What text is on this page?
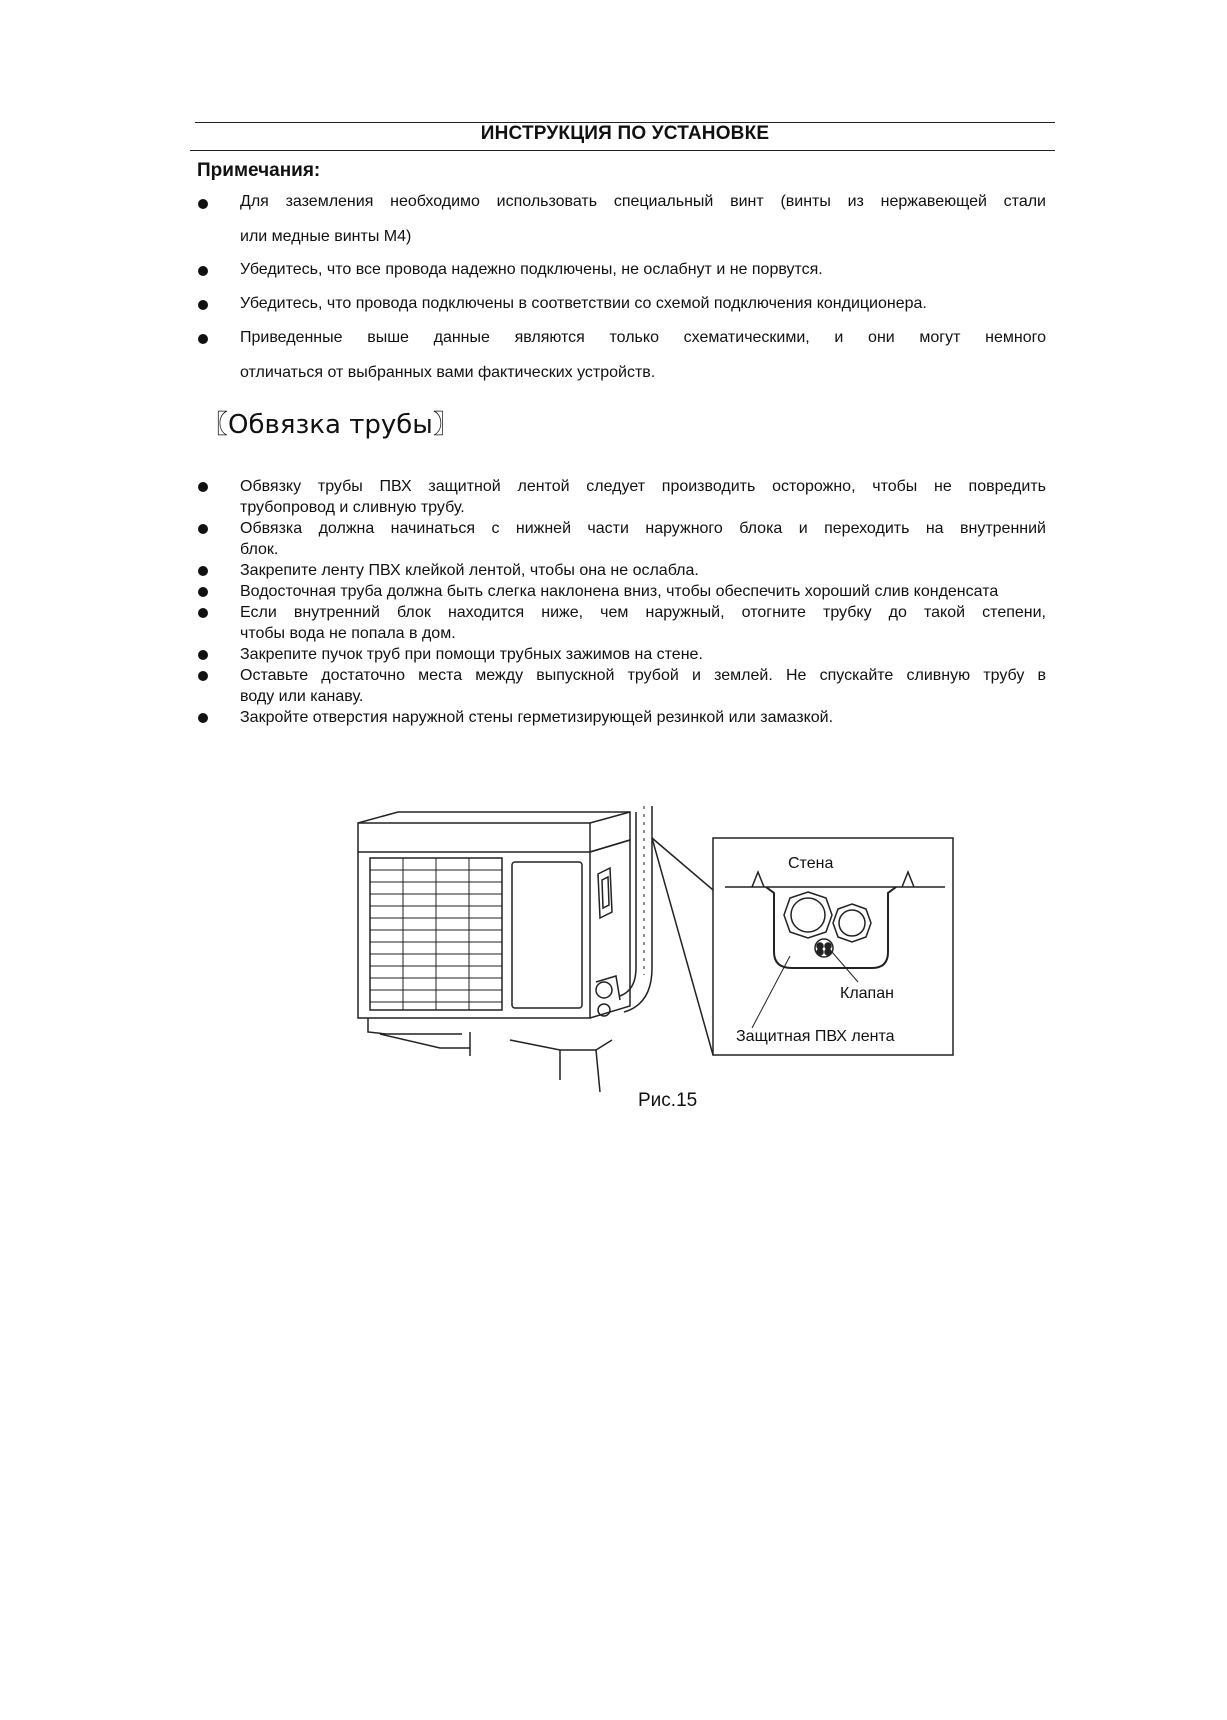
ИНСТРУКЦИЯ ПО УСТАНОВКЕ
Примечания:
Для заземления необходимо использовать специальный винт (винты из нержавеющей стали
или медные винты M4)
Убедитесь, что все провода надежно подключены, не ослабнут и не порвутся.
Убедитесь, что провода подключены в соответствии со схемой подключения кондиционера.
Приведенные выше данные являются только схематическими, и они могут немного
отличаться от выбранных вами фактических устройств.
〖Обвязка трубы〗
Обвязку трубы ПВХ защитной лентой следует производить осторожно, чтобы не повредить
трубопровод и сливную трубу.
Обвязка должна начинаться с нижней части наружного блока и переходить на внутренний
блок.
Закрепите ленту ПВХ клейкой лентой, чтобы она не ослабла.
Водосточная труба должна быть слегка наклонена вниз, чтобы обеспечить хороший слив конденсата
Если внутренний блок находится ниже, чем наружный, отогните трубку до такой степени,
чтобы вода не попала в дом.
Закрепите пучок труб при помощи трубных зажимов на стене.
Оставьте достаточно места между выпускной трубой и землей. Не спускайте сливную трубу в
воду или канаву.
Закройте отверстия наружной стены герметизирующей резинкой или замазкой.
Стена
Клапан
Защитная ПВХ лента
Рис.15
